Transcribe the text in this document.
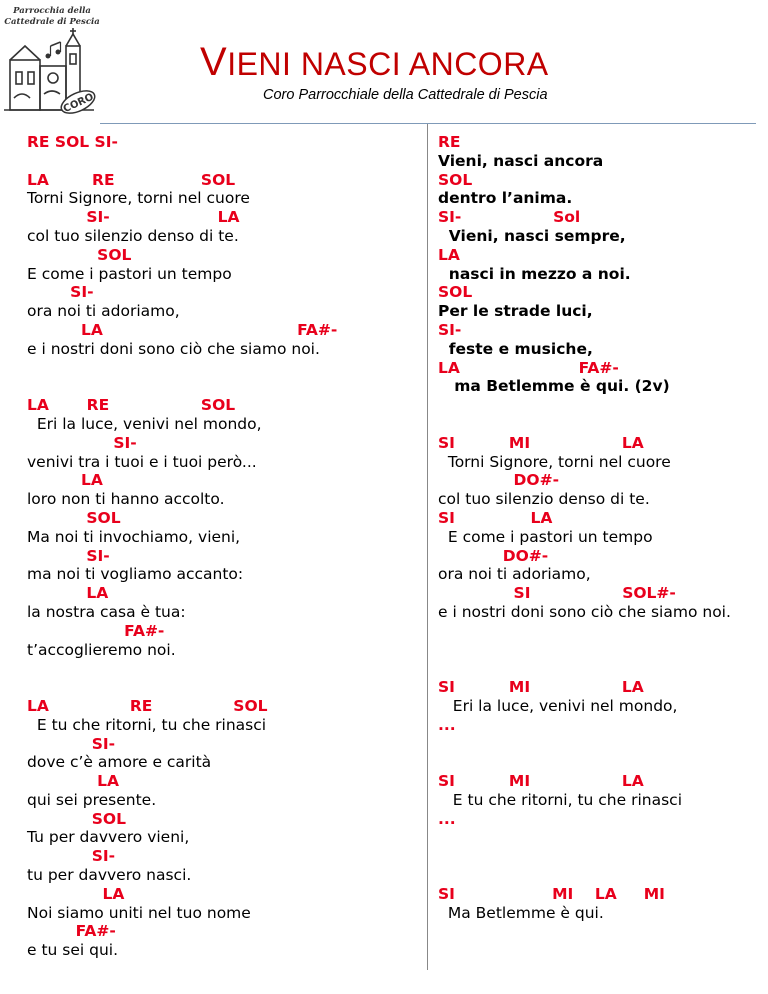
Parrocchia della
Cattedrale di Pescia
CORO
VIENI NASCI ANCORA
Coro Parrocchiale della Cattedrale di Pescia
RE SOL SI-
LA        RE                SOL
Torni Signore, torni nel cuore
SI-                    LA
col tuo silenzio denso di te.
SOL
E come i pastori un tempo
SI-
ora noi ti adoriamo,
LA                                    FA#-
e i nostri doni sono ciò che siamo noi.
LA       RE                 SOL
Eri la luce, venivi nel mondo,
SI-
venivi tra i tuoi e i tuoi però...
LA
loro non ti hanno accolto.
SOL
Ma noi ti invochiamo, vieni,
SI-
ma noi ti vogliamo accanto:
LA
la nostra casa è tua:
FA#-
t’accoglieremo noi.
LA               RE               SOL
E tu che ritorni, tu che rinasci
SI-
dove c’è amore e carità
LA
qui sei presente.
SOL
Tu per davvero vieni,
SI-
tu per davvero nasci.
LA
Noi siamo uniti nel tuo nome
FA#-
e tu sei qui.
RE
Vieni, nasci ancora
SOL
dentro l’anima.
SI-                 Sol
Vieni, nasci sempre,
LA
nasci in mezzo a noi.
SOL
Per le strade luci,
SI-
feste e musiche,
LA                      FA#-
ma Betlemme è qui. (2v)
SI          MI                 LA
Torni Signore, torni nel cuore
DO#-
col tuo silenzio denso di te.
SI              LA
E come i pastori un tempo
DO#-
ora noi ti adoriamo,
SI                 SOL#-
e i nostri doni sono ciò che siamo noi.
SI          MI                 LA
Eri la luce, venivi nel mondo,
...
SI          MI                 LA
E tu che ritorni, tu che rinasci
...
SI                  MI    LA     MI
Ma Betlemme è qui.
